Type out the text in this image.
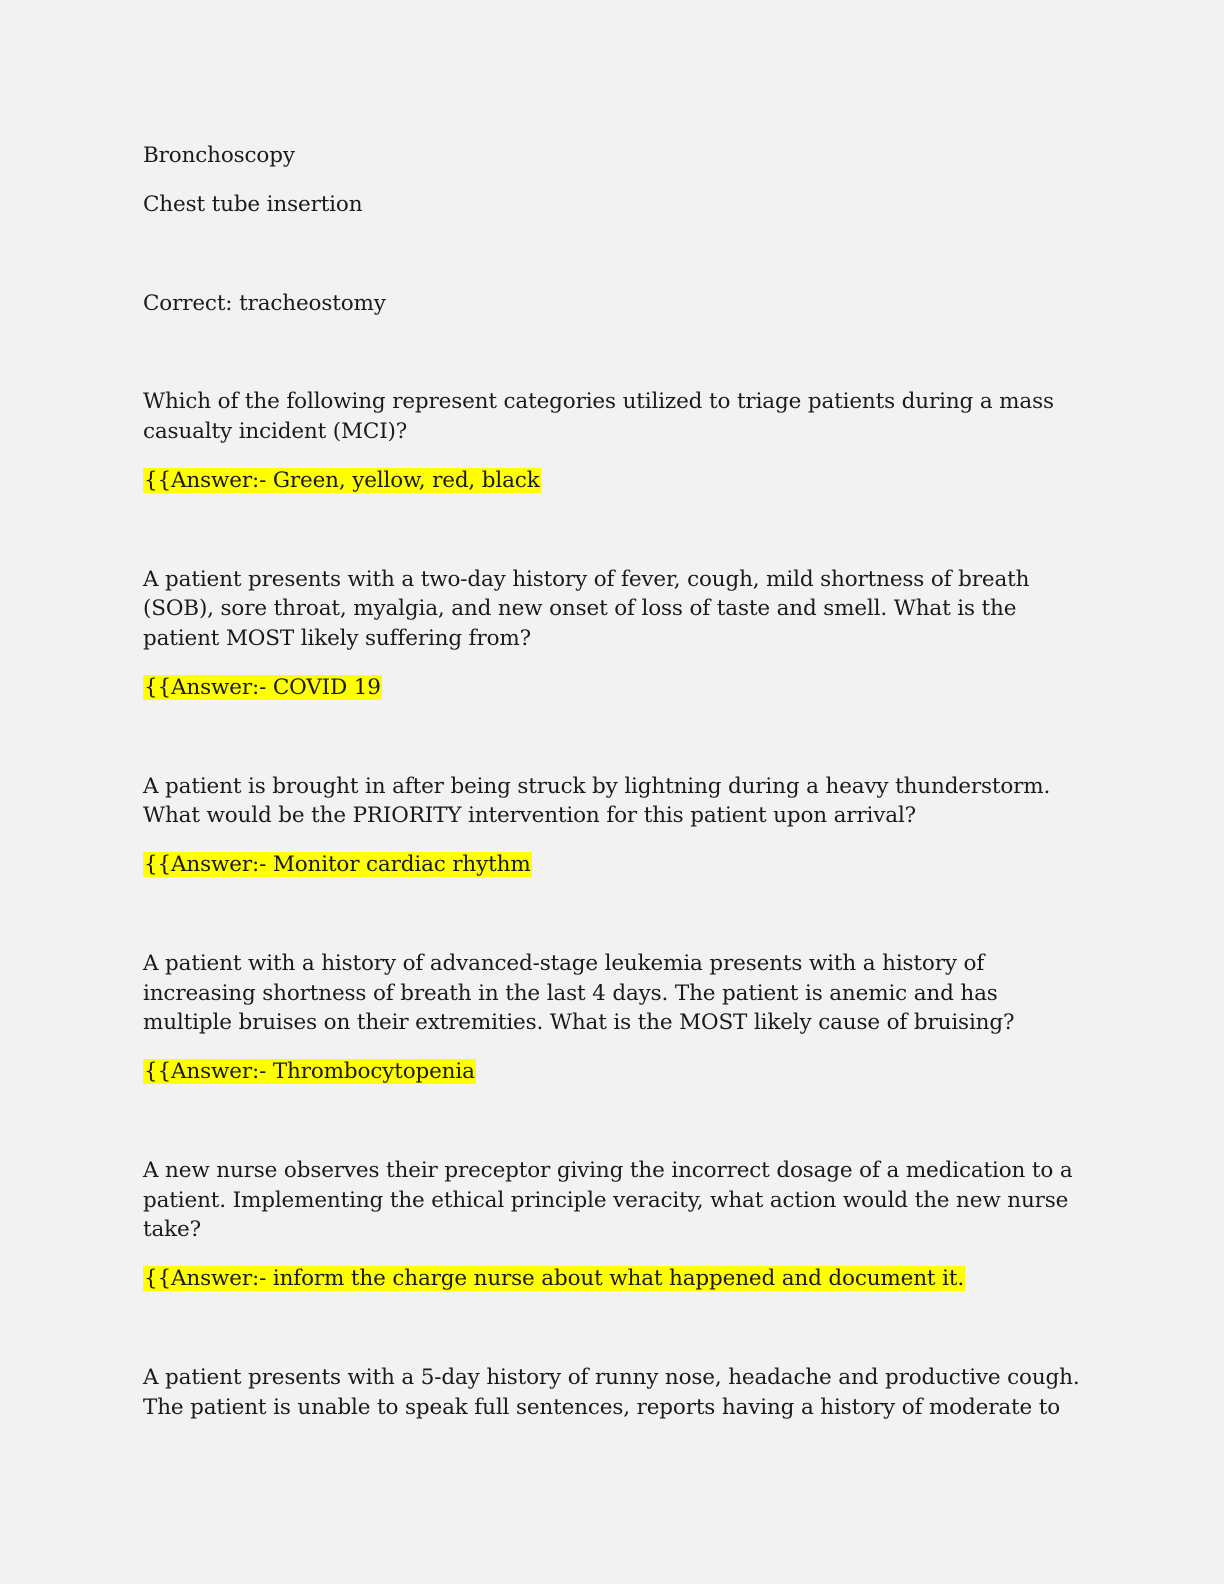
Bronchoscopy

Chest tube insertion

Correct: tracheostomy

Which of the following represent categories utilized to triage patients during a mass

casualty incident (MCI)?

{{Answer:- Green, yellow, red, black

A patient presents with a two-day history of fever, cough, mild shortness of breath

(SOB), sore throat, myalgia, and new onset of loss of taste and smell. What is the

patient MOST likely suffering from?

{{Answer:- COVID 19

A patient is brought in after being struck by lightning during a heavy thunderstorm.

What would be the PRIORITY intervention for this patient upon arrival?

{{Answer:- Monitor cardiac rhythm

A patient with a history of advanced-stage leukemia presents with a history of

increasing shortness of breath in the last 4 days. The patient is anemic and has

multiple bruises on their extremities. What is the MOST likely cause of bruising?

{{Answer:- Thrombocytopenia

A new nurse observes their preceptor giving the incorrect dosage of a medication to a

patient. Implementing the ethical principle veracity, what action would the new nurse

take?

{{Answer:- inform the charge nurse about what happened and document it.

A patient presents with a 5-day history of runny nose, headache and productive cough.

The patient is unable to speak full sentences, reports having a history of moderate to
